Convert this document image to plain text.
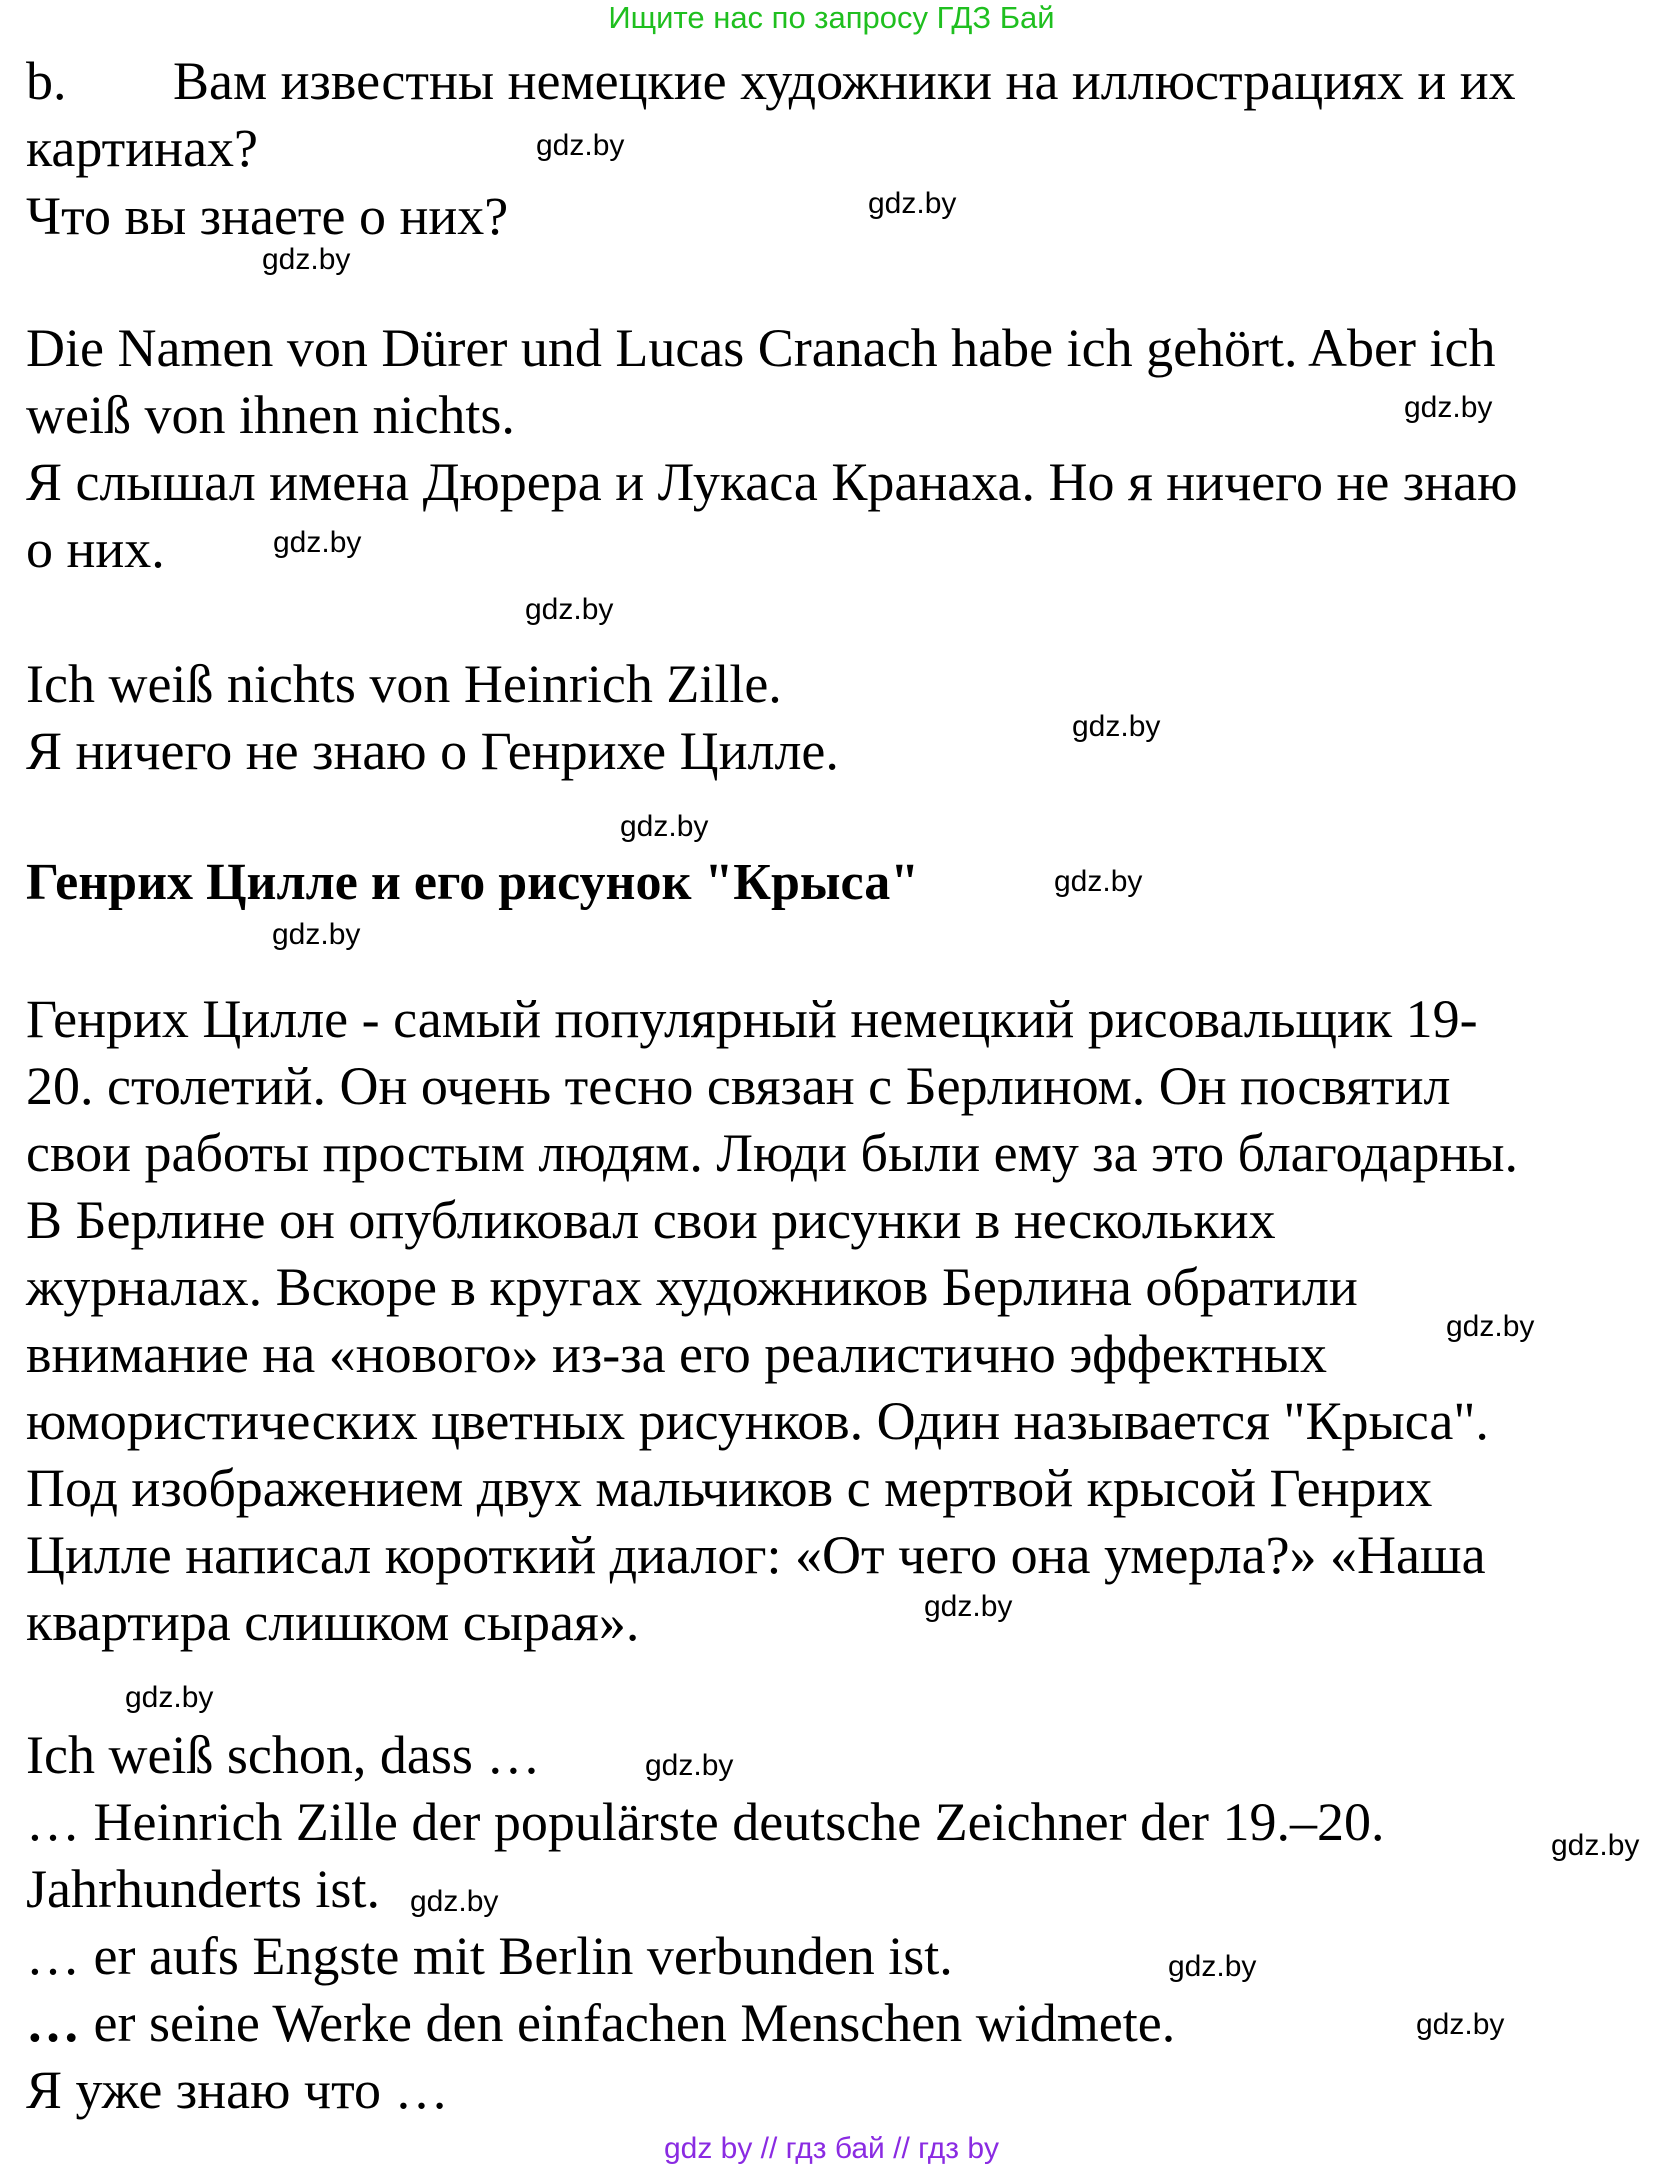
Ищите нас по запросу ГДЗ Бай
b. Вам известны немецкие художники на иллюстрациях и их
картинах?
Что вы знаете о них?
Die Namen von Dürer und Lucas Cranach habe ich gehört. Aber ich
weiß von ihnen nichts.
Я слышал имена Дюрера и Лукаса Кранаха. Но я ничего не знаю
о них.
Ich weiß nichts von Heinrich Zille.
Я ничего не знаю о Генрихе Цилле.
Генрих Цилле и его рисунок "Крыса"
Генрих Цилле - самый популярный немецкий рисовальщик 19-
20. столетий. Он очень тесно связан с Берлином. Он посвятил
свои работы простым людям. Люди были ему за это благодарны.
В Берлине он опубликовал свои рисунки в нескольких
журналах. Вскоре в кругах художников Берлина обратили
внимание на «нового» из-за его реалистично эффектных
юмористических цветных рисунков. Один называется "Крыса".
Под изображением двух мальчиков с мертвой крысой Генрих
Цилле написал короткий диалог: «От чего она умерла?» «Наша
квартира слишком сырая».
Ich weiß schon, dass …
… Heinrich Zille der populärste deutsche Zeichner der 19.–20.
Jahrhunderts ist.
… er aufs Engste mit Berlin verbunden ist.
… er seine Werke den einfachen Menschen widmete.
Я уже знаю что …
gdz.by
gdz.by
gdz.by
gdz.by
gdz.by
gdz.by
gdz.by
gdz.by
gdz.by
gdz.by
gdz.by
gdz.by
gdz.by
gdz.by
gdz.by
gdz.by
gdz.by
gdz.by
gdz by // гдз бай // гдз by
